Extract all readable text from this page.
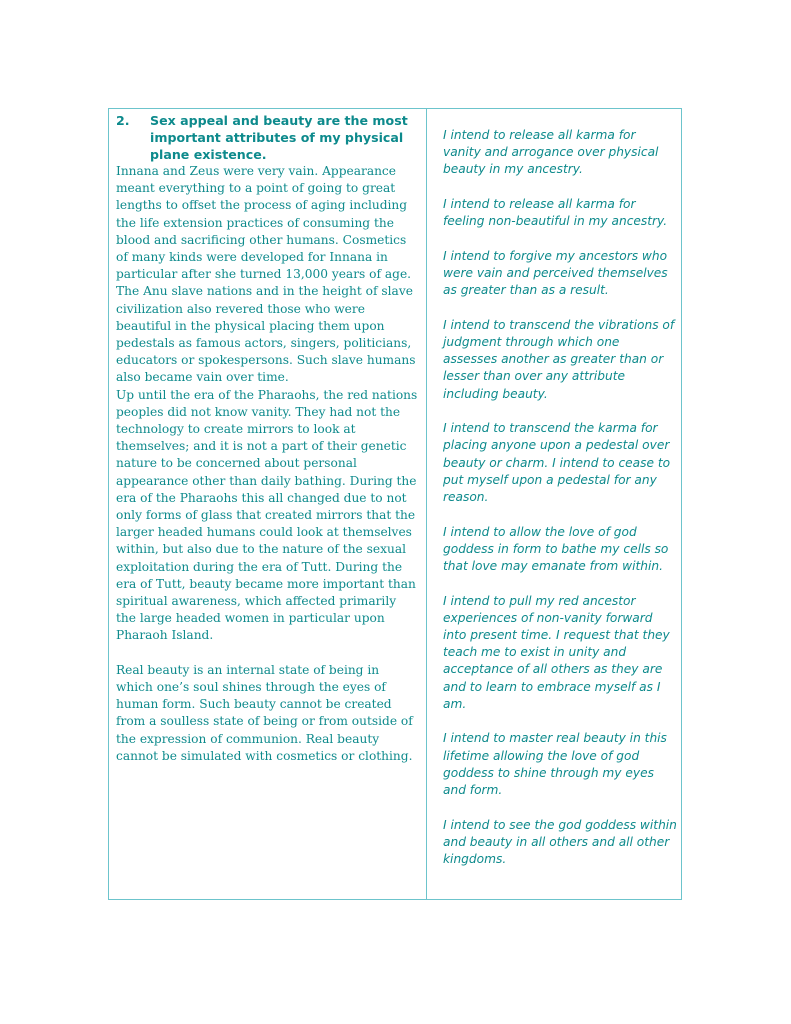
2.	Sex appeal and beauty are the most important attributes of my physical plane existence.

Innana and Zeus were very vain. Appearance meant everything to a point of going to great lengths to offset the process of aging including the life extension practices of consuming the blood and sacrificing other humans. Cosmetics of many kinds were developed for Innana in particular after she turned 13,000 years of age.

The Anu slave nations and in the height of slave civilization also revered those who were beautiful in the physical placing them upon pedestals as famous actors, singers, politicians, educators or spokespersons. Such slave humans also became vain over time.

Up until the era of the Pharaohs, the red nations peoples did not know vanity. They had not the technology to create mirrors to look at themselves; and it is not a part of their genetic nature to be concerned about personal appearance other than daily bathing. During the era of the Pharaohs this all changed due to not only forms of glass that created mirrors that the larger headed humans could look at themselves within, but also due to the nature of the sexual exploitation during the era of Tutt. During the era of Tutt, beauty became more important than spiritual awareness, which affected primarily the large headed women in particular upon Pharaoh Island.

Real beauty is an internal state of being in which one’s soul shines through the eyes of human form. Such beauty cannot be created from a soulless state of being or from outside of the expression of communion. Real beauty cannot be simulated with cosmetics or clothing.

I intend to release all karma for vanity and arrogance over physical beauty in my ancestry.

I intend to release all karma for feeling non-beautiful in my ancestry.

I intend to forgive my ancestors who were vain and perceived themselves as greater than as a result.

I intend to transcend the vibrations of judgment through which one assesses another as greater than or lesser than over any attribute including beauty.

I intend to transcend the karma for placing anyone upon a pedestal over beauty or charm. I intend to cease to put myself upon a pedestal for any reason.

I intend to allow the love of god goddess in form to bathe my cells so that love may emanate from within.

I intend to pull my red ancestor experiences of non-vanity forward into present time. I request that they teach me to exist in unity and acceptance of all others as they are and to learn to embrace myself as I am.

I intend to master real beauty in this lifetime allowing the love of god goddess to shine through my eyes and form.

I intend to see the god goddess within and beauty in all others and all other kingdoms.
